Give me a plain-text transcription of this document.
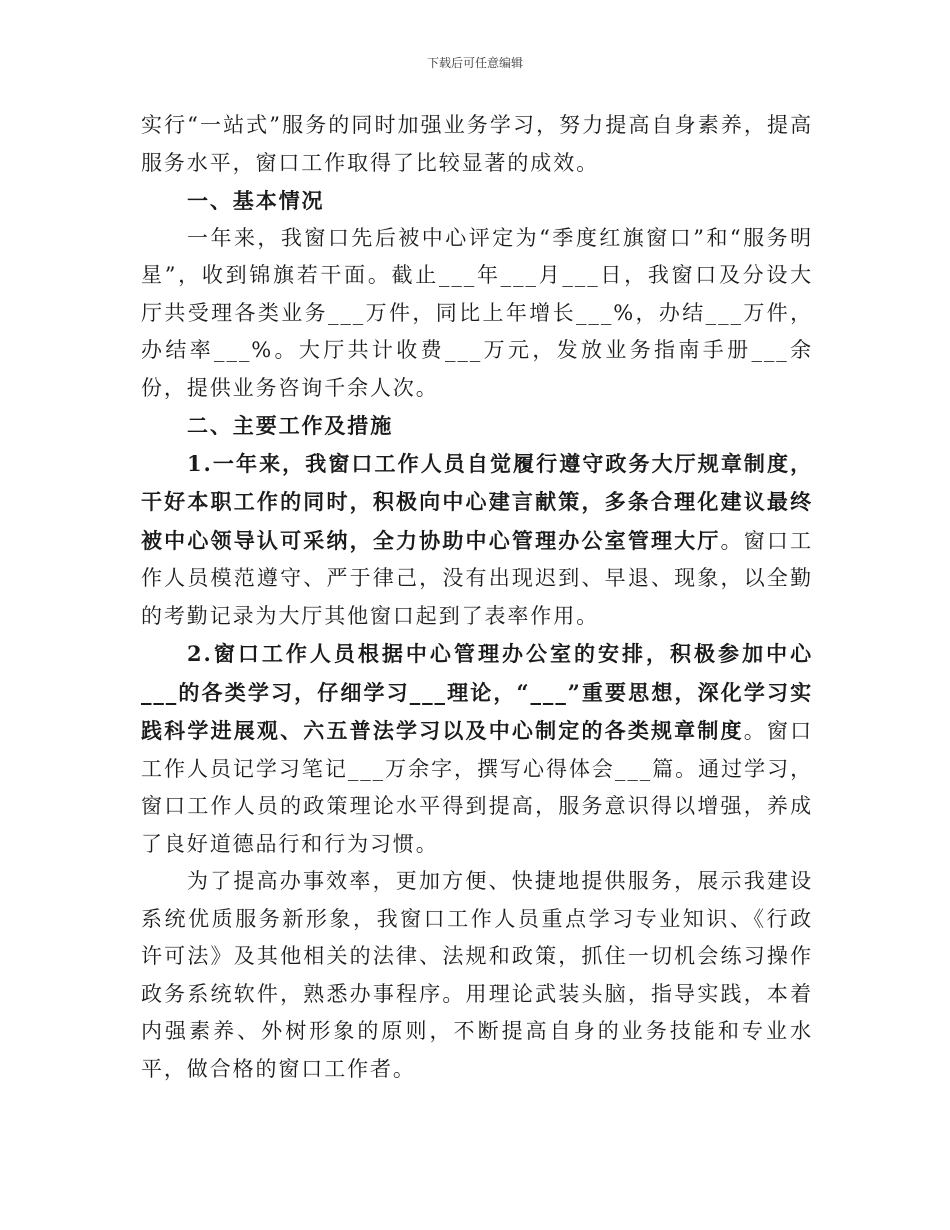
下载后可任意编辑

实行“一站式”服务的同时加强业务学习，努力提高自身素养，提高服务水平，窗口工作取得了比较显著的成效。

一、基本情况

一年来，我窗口先后被中心评定为“季度红旗窗口”和“服务明星”，收到锦旗若干面。截止___年___月___日，我窗口及分设大厅共受理各类业务___万件，同比上年增长___%，办结___万件，办结率___%。大厅共计收费___万元，发放业务指南手册___余份，提供业务咨询千余人次。

二、主要工作及措施

1.一年来，我窗口工作人员自觉履行遵守政务大厅规章制度，干好本职工作的同时，积极向中心建言献策，多条合理化建议最终被中心领导认可采纳，全力协助中心管理办公室管理大厅。窗口工作人员模范遵守、严于律己，没有出现迟到、早退、现象，以全勤的考勤记录为大厅其他窗口起到了表率作用。

2.窗口工作人员根据中心管理办公室的安排，积极参加中心___的各类学习，仔细学习___理论，“___”重要思想，深化学习实践科学进展观、六五普法学习以及中心制定的各类规章制度。窗口工作人员记学习笔记___万余字，撰写心得体会___篇。通过学习，窗口工作人员的政策理论水平得到提高，服务意识得以增强，养成了良好道德品行和行为习惯。

为了提高办事效率，更加方便、快捷地提供服务，展示我建设系统优质服务新形象，我窗口工作人员重点学习专业知识、《行政许可法》及其他相关的法律、法规和政策，抓住一切机会练习操作政务系统软件，熟悉办事程序。用理论武装头脑，指导实践，本着内强素养、外树形象的原则，不断提高自身的业务技能和专业水平，做合格的窗口工作者。
